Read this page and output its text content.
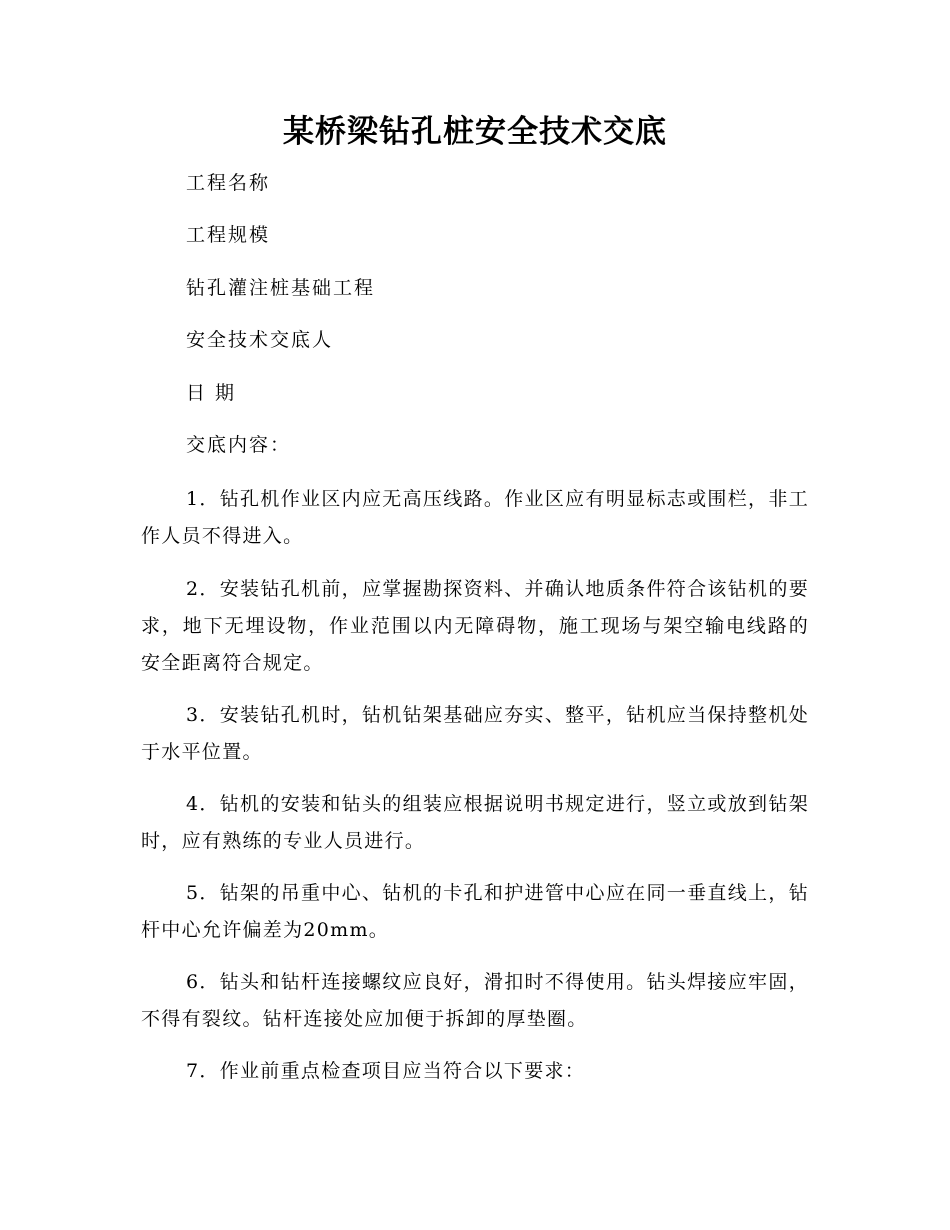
某桥梁钻孔桩安全技术交底
工程名称
工程规模
钻孔灌注桩基础工程
安全技术交底人
日 期
交底内容：
1．钻孔机作业区内应无高压线路。作业区应有明显标志或围栏，非工作人员不得进入。
2．安装钻孔机前，应掌握勘探资料、并确认地质条件符合该钻机的要求，地下无埋设物，作业范围以内无障碍物，施工现场与架空输电线路的安全距离符合规定。
3．安装钻孔机时，钻机钻架基础应夯实、整平，钻机应当保持整机处于水平位置。
4．钻机的安装和钻头的组装应根据说明书规定进行，竖立或放到钻架时，应有熟练的专业人员进行。
5．钻架的吊重中心、钻机的卡孔和护进管中心应在同一垂直线上，钻杆中心允许偏差为20mm。
6．钻头和钻杆连接螺纹应良好，滑扣时不得使用。钻头焊接应牢固，不得有裂纹。钻杆连接处应加便于拆卸的厚垫圈。
7．作业前重点检查项目应当符合以下要求：
